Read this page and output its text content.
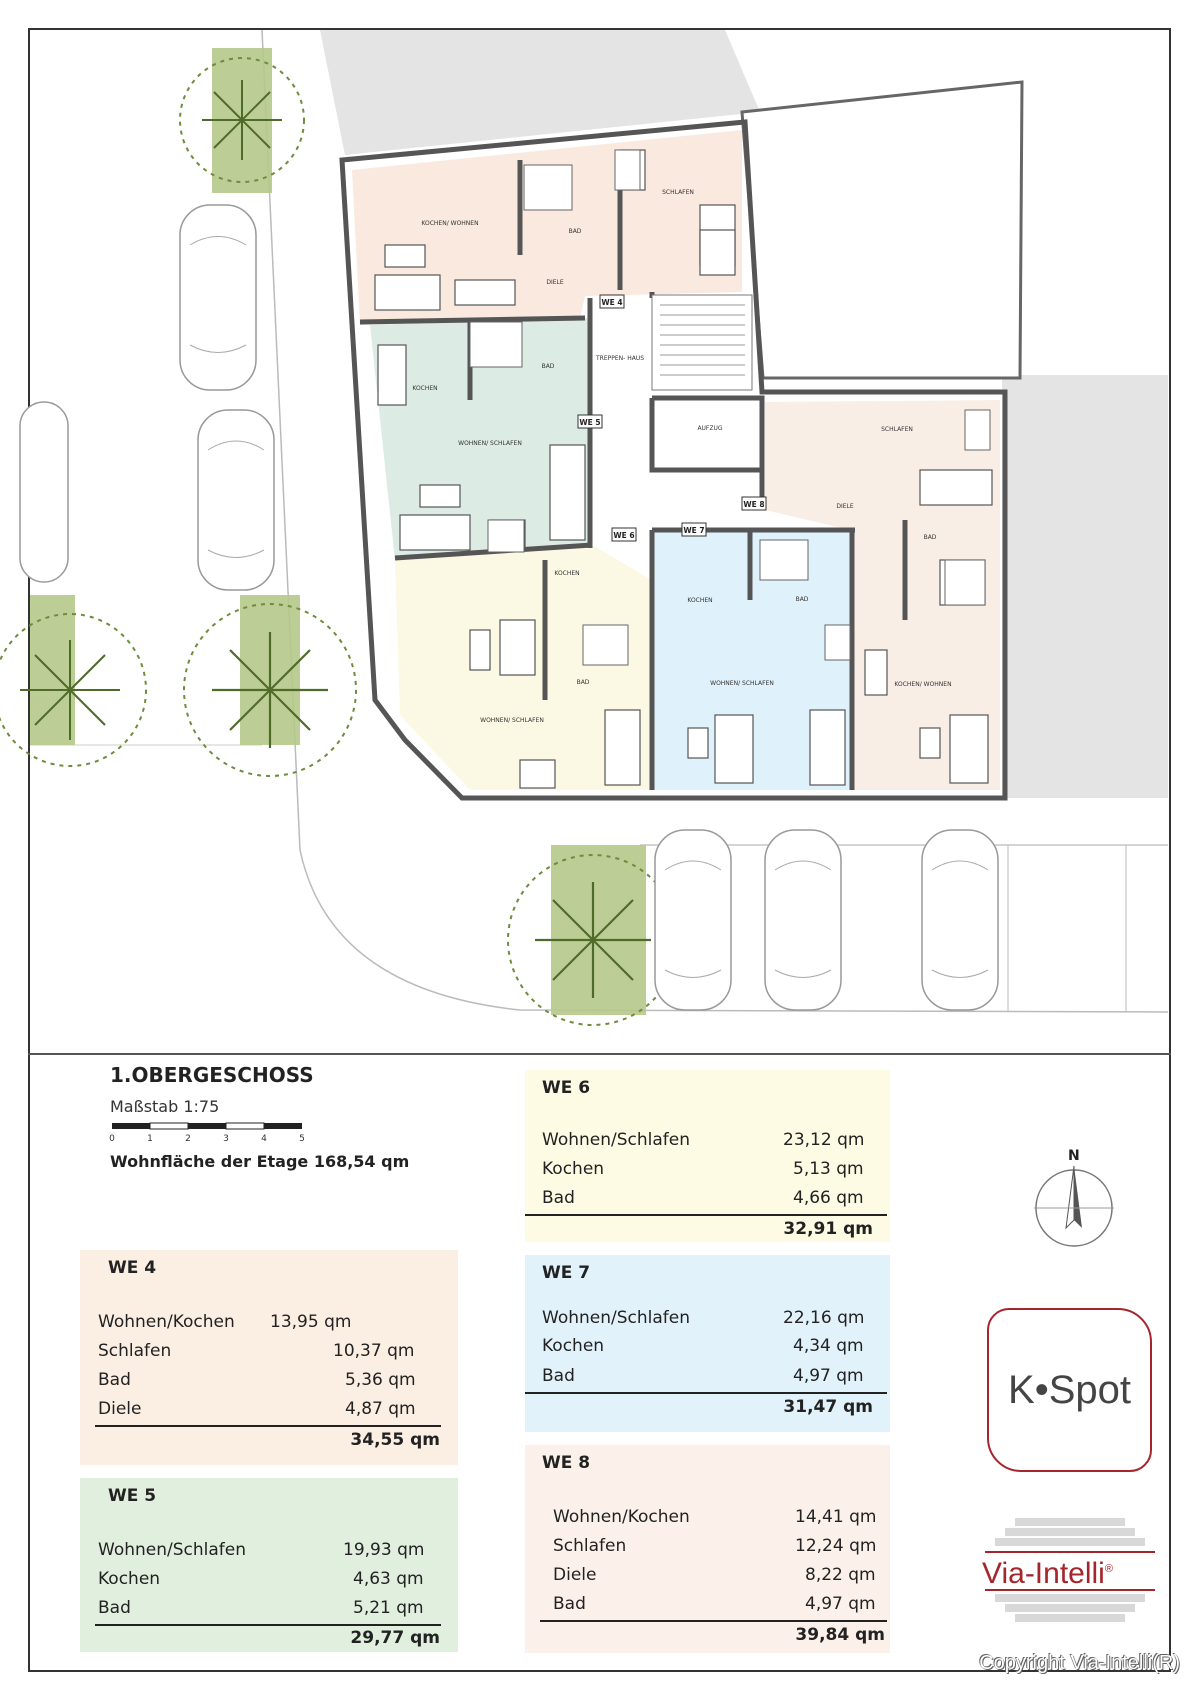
KOCHEN/ WOHNEN
BAD
SCHLAFEN
DIELE
TREPPEN- HAUS
AUFZUG
KOCHEN
BAD
WOHNEN/ SCHLAFEN
KOCHEN
BAD
WOHNEN/ SCHLAFEN
KOCHEN	BAD
WOHNEN/ SCHLAFEN
SCHLAFEN
DIELE
BAD
KOCHEN/ WOHNEN
WE 4
WE 5
WE 6
WE 7
WE 8
1.OBERGESCHOSS
Maßstab 1:75
0	1	2	3	4	5
Wohnfläche der Etage 168,54 qm
WE 4
Wohnen/Kochen 13,95 qm
Schlafen	10,37 qm
Bad	5,36 qm
Diele	4,87 qm
34,55 qm
WE 5
Wohnen/Schlafen	19,93 qm
Kochen	4,63 qm
Bad	5,21 qm
29,77 qm
WE 6
Wohnen/Schlafen	23,12 qm
Kochen	5,13 qm
Bad	4,66 qm
32,91 qm
WE 7
Wohnen/Schlafen	22,16 qm
Kochen	4,34 qm
Bad	4,97 qm
31,47 qm
WE 8
Wohnen/Kochen	14,41 qm
Schlafen	12,24 qm
Diele	8,22 qm
Bad	4,97 qm
39,84 qm
N
K•Spot
Via-Intelli®
Copyright Via-Intelli(R)
